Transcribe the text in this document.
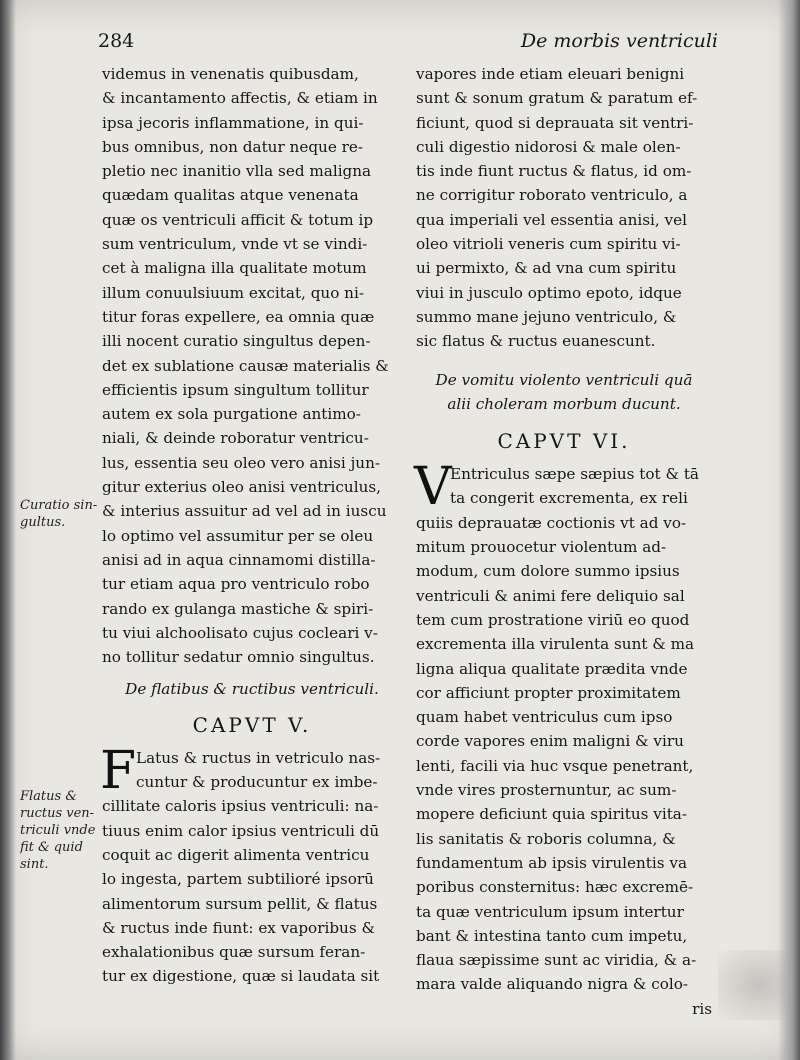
284	De morbis ventriculi
Curatio sin-
gultus.
Flatus &
ructus ven-
triculi vnde
fit & quid
sint.
videmus in venenatis quibusdam,
& incantamento affectis, & etiam in
ipsa jecoris inflammatione, in qui-
bus omnibus, non datur neque re-
pletio nec inanitio vlla sed maligna
quædam qualitas atque venenata
quæ os ventriculi afficit & totum ip
sum ventriculum, vnde vt se vindi-
cet à maligna illa qualitate motum
illum conuulsiuum excitat, quo ni-
titur foras expellere, ea omnia quæ
illi nocent curatio singultus depen-
det ex sublatione causæ materialis &
efficientis ipsum singultum tollitur
autem ex sola purgatione antimo-
niali, & deinde roboratur ventricu-
lus, essentia seu oleo vero anisi jun-
gitur exterius oleo anisi ventriculus,
& interius assuitur ad vel ad in iuscu
lo optimo vel assumitur per se oleu
anisi ad in aqua cinnamomi distilla-
tur etiam aqua pro ventriculo robo
rando ex gulanga mastiche & spiri-
tu viui alchoolisato cujus cocleari v-
no tollitur sedatur omnio singultus.
De flatibus & ructibus ventriculi.
CAPVT V.
F Latus & ructus in vetriculo nas-
cuntur & producuntur ex imbe-
cillitate caloris ipsius ventriculi: na-
tiuus enim calor ipsius ventriculi dū
coquit ac digerit alimenta ventricu
lo ingesta, partem subtilioré ipsorū
alimentorum sursum pellit, & flatus
& ructus inde fiunt: ex vaporibus &
exhalationibus quæ sursum feran-
tur ex digestione, quæ si laudata sit
vapores inde etiam eleuari benigni
sunt & sonum gratum & paratum ef-
ficiunt, quod si deprauata sit ventri-
culi digestio nidorosi & male olen-
tis inde fiunt ructus & flatus, id om-
ne corrigitur roborato ventriculo, a
qua imperiali vel essentia anisi, vel
oleo vitrioli veneris cum spiritu vi-
ui permixto, & ad vna cum spiritu
viui in jusculo optimo epoto, idque
summo mane jejuno ventriculo, &
sic flatus & ructus euanescunt.
De vomitu violento ventriculi quā
alii choleram morbum ducunt.
CAPVT VI.
V
Entriculus sæpe sæpius tot & tā
ta congerit excrementa, ex reli
quiis deprauatæ coctionis vt ad vo-
mitum prouocetur violentum ad-
modum, cum dolore summo ipsius
ventriculi & animi fere deliquio sal
tem cum prostratione viriū eo quod
excrementa illa virulenta sunt & ma
ligna aliqua qualitate prædita vnde
cor afficiunt propter proximitatem
quam habet ventriculus cum ipso
corde vapores enim maligni & viru
lenti, facili via huc vsque penetrant,
vnde vires prosternuntur, ac sum-
mopere deficiunt quia spiritus vita-
lis sanitatis & roboris columna, &
fundamentum ab ipsis virulentis va
poribus consternitus: hæc excremē-
ta quæ ventriculum ipsum intertur
bant & intestina tanto cum impetu,
flaua sæpissime sunt ac viridia, & a-
mara valde aliquando nigra & colo-
ris
